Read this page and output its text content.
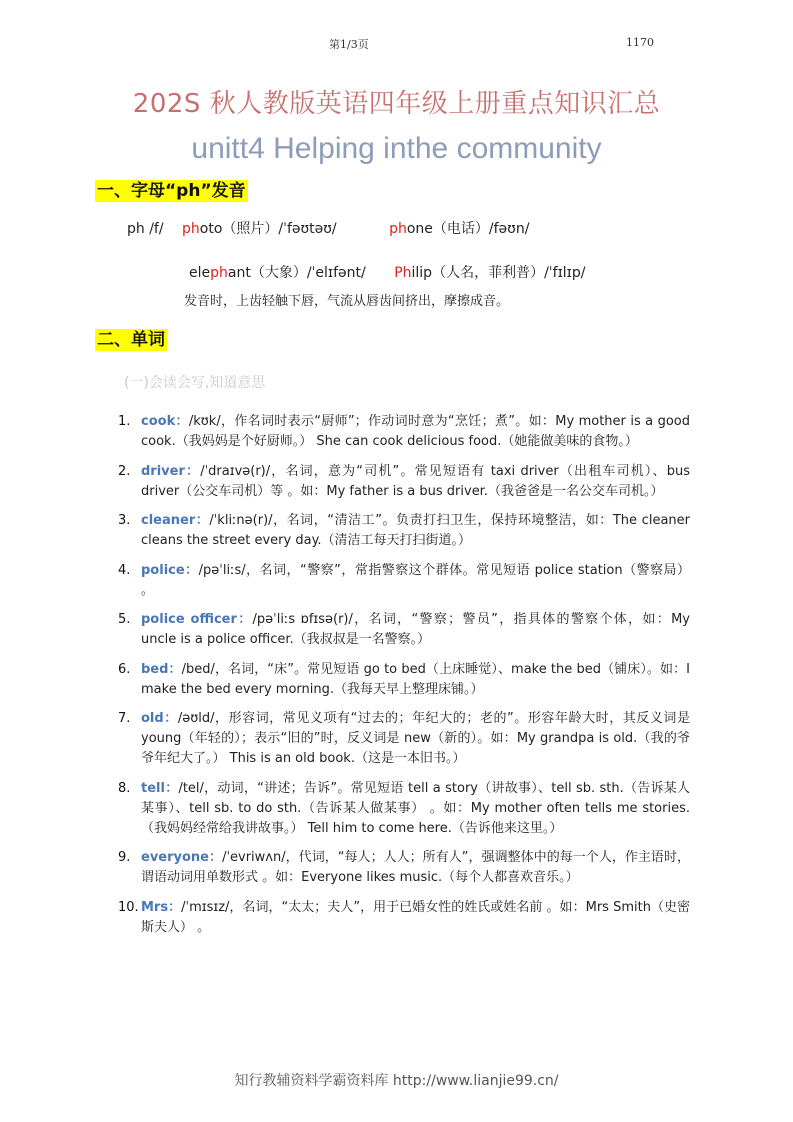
第1/3页	1170
202S 秋人教版英语四年级上册重点知识汇总
unitt4 Helping inthe community
一、字母“ph”发音
ph /f/ photo（照片）/ˈfəʊtəʊ/	phone（电话）/fəʊn/
elephant（大象）/ˈelɪfənt/ Philip（人名，菲利普）/ˈfɪlɪp/
发音时，上齿轻触下唇，气流从唇齿间挤出，摩擦成音。
二、单词
(一)会读会写,知道意思
1. cook：/kʊk/，作名词时表示“厨师”；作动词时意为“烹饪；煮”。如：My mother is a good cook.（我妈妈是个好厨师。） She can cook delicious food.（她能做美味的食物。）
2. driver：/ˈdraɪvə(r)/，名词，意为“司机”。常见短语有 taxi driver（出租车司机）、bus driver（公交车司机）等 。如：My father is a bus driver.（我爸爸是一名公交车司机。）
3. cleaner：/ˈkliːnə(r)/，名词，“清洁工”。负责打扫卫生，保持环境整洁，如：The cleaner cleans the street every day.（清洁工每天打扫街道。）
4. police：/pəˈliːs/，名词，“警察”，常指警察这个群体。常见短语 police station（警察局） 。
5. police officer：/pəˈliːs ɒfɪsə(r)/，名词，“警察；警员”，指具体的警察个体，如：My uncle is a police officer.（我叔叔是一名警察。）
6. bed：/bed/，名词，“床”。常见短语 go to bed（上床睡觉）、make the bed（铺床）。如：I make the bed every morning.（我每天早上整理床铺。）
7. old：/əʊld/，形容词，常见义项有“过去的；年纪大的；老的”。形容年龄大时，其反义词是 young（年轻的）；表示“旧的”时，反义词是 new（新的）。如：My grandpa is old.（我的爷爷年纪大了。） This is an old book.（这是一本旧书。）
8. tell：/tel/，动词，“讲述；告诉”。常见短语 tell a story（讲故事）、tell sb. sth.（告诉某人某事）、tell sb. to do sth.（告诉某人做某事） 。如：My mother often tells me stories.（我妈妈经常给我讲故事。） Tell him to come here.（告诉他来这里。）
9. everyone：/ˈevriwʌn/，代词，“每人；人人；所有人”，强调整体中的每一个人，作主语时，谓语动词用单数形式 。如：Everyone likes music.（每个人都喜欢音乐。）
10. Mrs：/ˈmɪsɪz/，名词，“太太；夫人”，用于已婚女性的姓氏或姓名前 。如：Mrs Smith（史密斯夫人） 。
知行教辅资料学霸资料库 http://www.lianjie99.cn/
